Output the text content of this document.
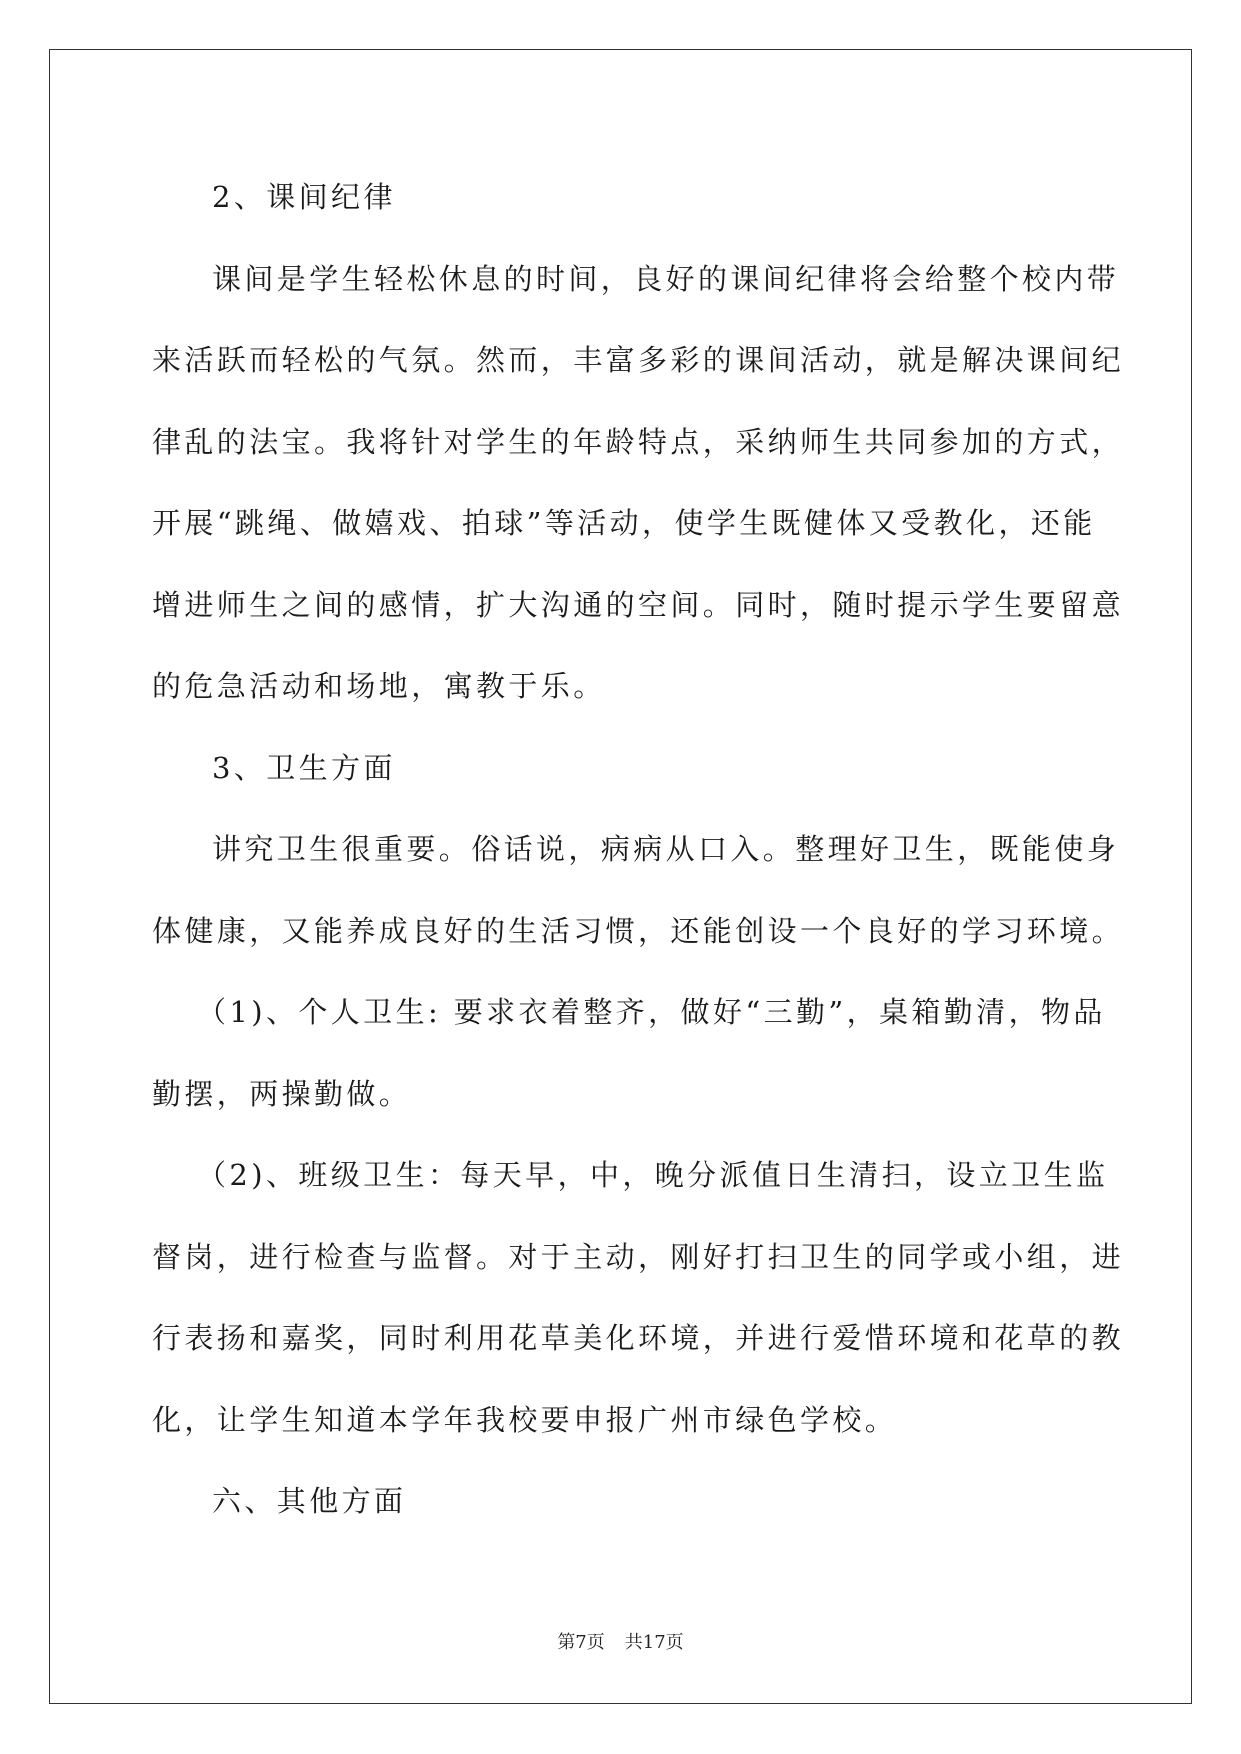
2、课间纪律
课间是学生轻松休息的时间，良好的课间纪律将会给整个校内带
来活跃而轻松的气氛。然而，丰富多彩的课间活动，就是解决课间纪
律乱的法宝。我将针对学生的年龄特点，采纳师生共同参加的方式，
开展“跳绳、做嬉戏、拍球”等活动，使学生既健体又受教化，还能
增进师生之间的感情，扩大沟通的空间。同时，随时提示学生要留意
的危急活动和场地，寓教于乐。
3、卫生方面
讲究卫生很重要。俗话说，病病从口入。整理好卫生，既能使身
体健康，又能养成良好的生活习惯，还能创设一个良好的学习环境。
（1)、个人卫生: 要求衣着整齐，做好“三勤”，桌箱勤清，物品
勤摆，两操勤做。
（2)、班级卫生：每天早，中，晚分派值日生清扫，设立卫生监
督岗，进行检查与监督。对于主动，刚好打扫卫生的同学或小组，进
行表扬和嘉奖，同时利用花草美化环境，并进行爱惜环境和花草的教
化，让学生知道本学年我校要申报广州市绿色学校。
六、其他方面
第7页 共17页
